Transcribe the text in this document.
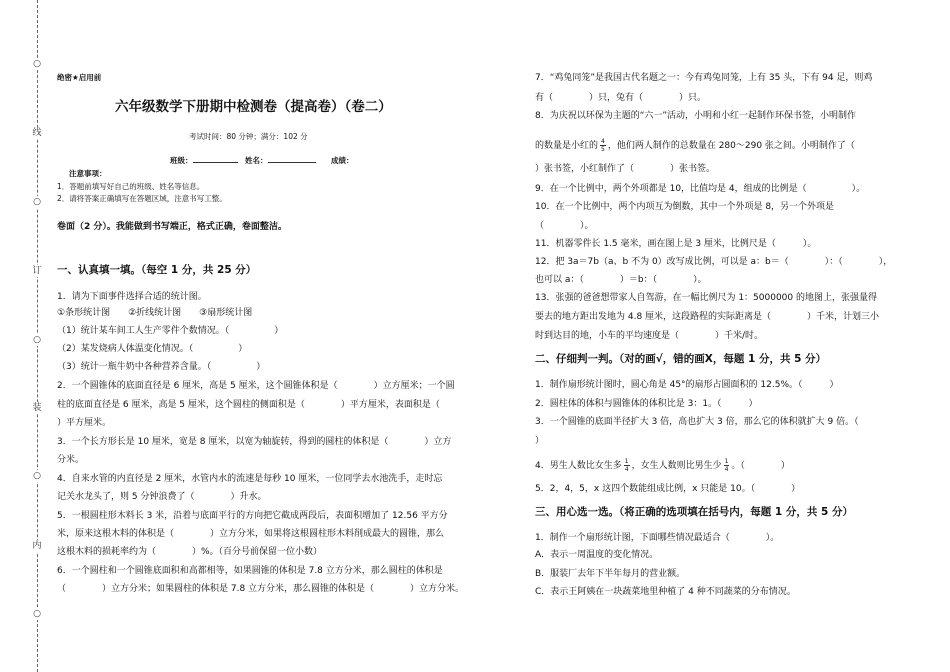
○
线
○
订
○
装
○
内
○
绝密★启用前
六年级数学下册期中检测卷（提高卷）（卷二）
考试时间：80 分钟；满分：102 分
班级：	姓名：	成绩：
注意事项：
1．答题前填写好自己的班级、姓名等信息。
2．请将答案正确填写在答题区域，注意书写工整。
卷面（2 分）。我能做到书写端正，格式正确，卷面整洁。
一、认真填一填。（每空 1 分，共 25 分）
1．请为下面事件选择合适的统计图。
①条形统计图　　②折线统计图　　③扇形统计图
（1）统计某车间工人生产零件个数情况。（　　　　　）
（2）某发烧病人体温变化情况。（　　　　　）
（3）统计一瓶牛奶中各种营养含量。（　　　　　）
2．一个圆锥体的底面直径是 6 厘米，高是 5 厘米，这个圆锥体积是（　　　　）立方厘米；一个圆
柱的底面直径是 6 厘米，高是 5 厘米，这个圆柱的侧面积是（　　　　）平方厘米，表面积是（
）平方厘米。
3．一个长方形长是 10 厘米，宽是 8 厘米，以宽为轴旋转，得到的圆柱的体积是（　　　　）立方
分米。
4．自来水管的内直径是 2 厘米，水管内水的流速是每秒 10 厘米，一位同学去水池洗手，走时忘
记关水龙头了，则 5 分钟浪费了（　　　　）升水。
5．一根圆柱形木料长 3 米，沿着与底面平行的方向把它截成两段后，表面积增加了 12.56 平方分
米，原来这根木料的体积是（　　　　）立方分米，如果将这根圆柱形木料削成最大的圆锥，那么
这根木料的损耗率约为（　　　　）%。（百分号前保留一位小数）
6．一个圆柱和一个圆锥底面积和高都相等，如果圆锥的体积是 7.8 立方分米，那么圆柱的体积是
（　　　　）立方分米；如果圆柱的体积是 7.8 立方分米，那么圆锥的体积是（　　　　）立方分米。
7．“鸡兔同笼”是我国古代名题之一：今有鸡兔同笼，上有 35 头，下有 94 足，则鸡
有（　　　　）只，兔有（　　　　）只。
8．为庆祝以环保为主题的“六一”活动，小明和小红一起制作环保书签，小明制作
的数量是小红的 $\frac{4}{5}$ ，他们两人制作的总数量在 280～290 张之间。小明制作了（
）张书签，小红制作了（　　　　）张书签。
9．在一个比例中，两个外项都是 10，比值均是 4，组成的比例是（　　　　　）。
10．在一个比例中，两个内项互为倒数，其中一个外项是 8，另一个外项是
（　　　　）。
11．机器零件长 1.5 毫米，画在图上是 3 厘米，比例尺是（　　　）。
12．把 3a＝7b（a、b 不为 0）改写成比例，可以是 a：b＝（　　　　）：（　　　　），
也可以 a：（　　　　）＝b：（　　　　）。
13．张强的爸爸想带家人自驾游，在一幅比例尺为 1：5000000 的地图上，张强量得
要去的地方距出发地为 4.8 厘米，这段路程的实际距离是（　　　　）千米，计划三小
时到达目的地，小车的平均速度是（　　　　）千米/时。
二、仔细判一判。（对的画√，错的画X，每题 1 分，共 5 分）
1．制作扇形统计图时，圆心角是 45°的扇形占圆面积的 12.5%。（　　　）
2．圆柱体的体积与圆锥体的体积比是 3：1。（　　　）
3．一个圆锥的底面半径扩大 3 倍，高也扩大 3 倍，那么它的体积就扩大 9 倍。（
）
4．男生人数比女生多 $\frac{1}{4}$ ，女生人数则比男生少 $\frac{1}{4}$ 。（　　　　）
5．2，4，5，x 这四个数能组成比例，x 只能是 10。（　　　　）
三、用心选一选。（将正确的选项填在括号内，每题 1 分，共 5 分）
1．制作一个扇形统计图，下面哪些情况最适合（　　　　）。
A．表示一周温度的变化情况。
B．服装厂去年下半年每月的营业额。
C．表示王阿姨在一块蔬菜地里种植了 4 种不同蔬菜的分布情况。
